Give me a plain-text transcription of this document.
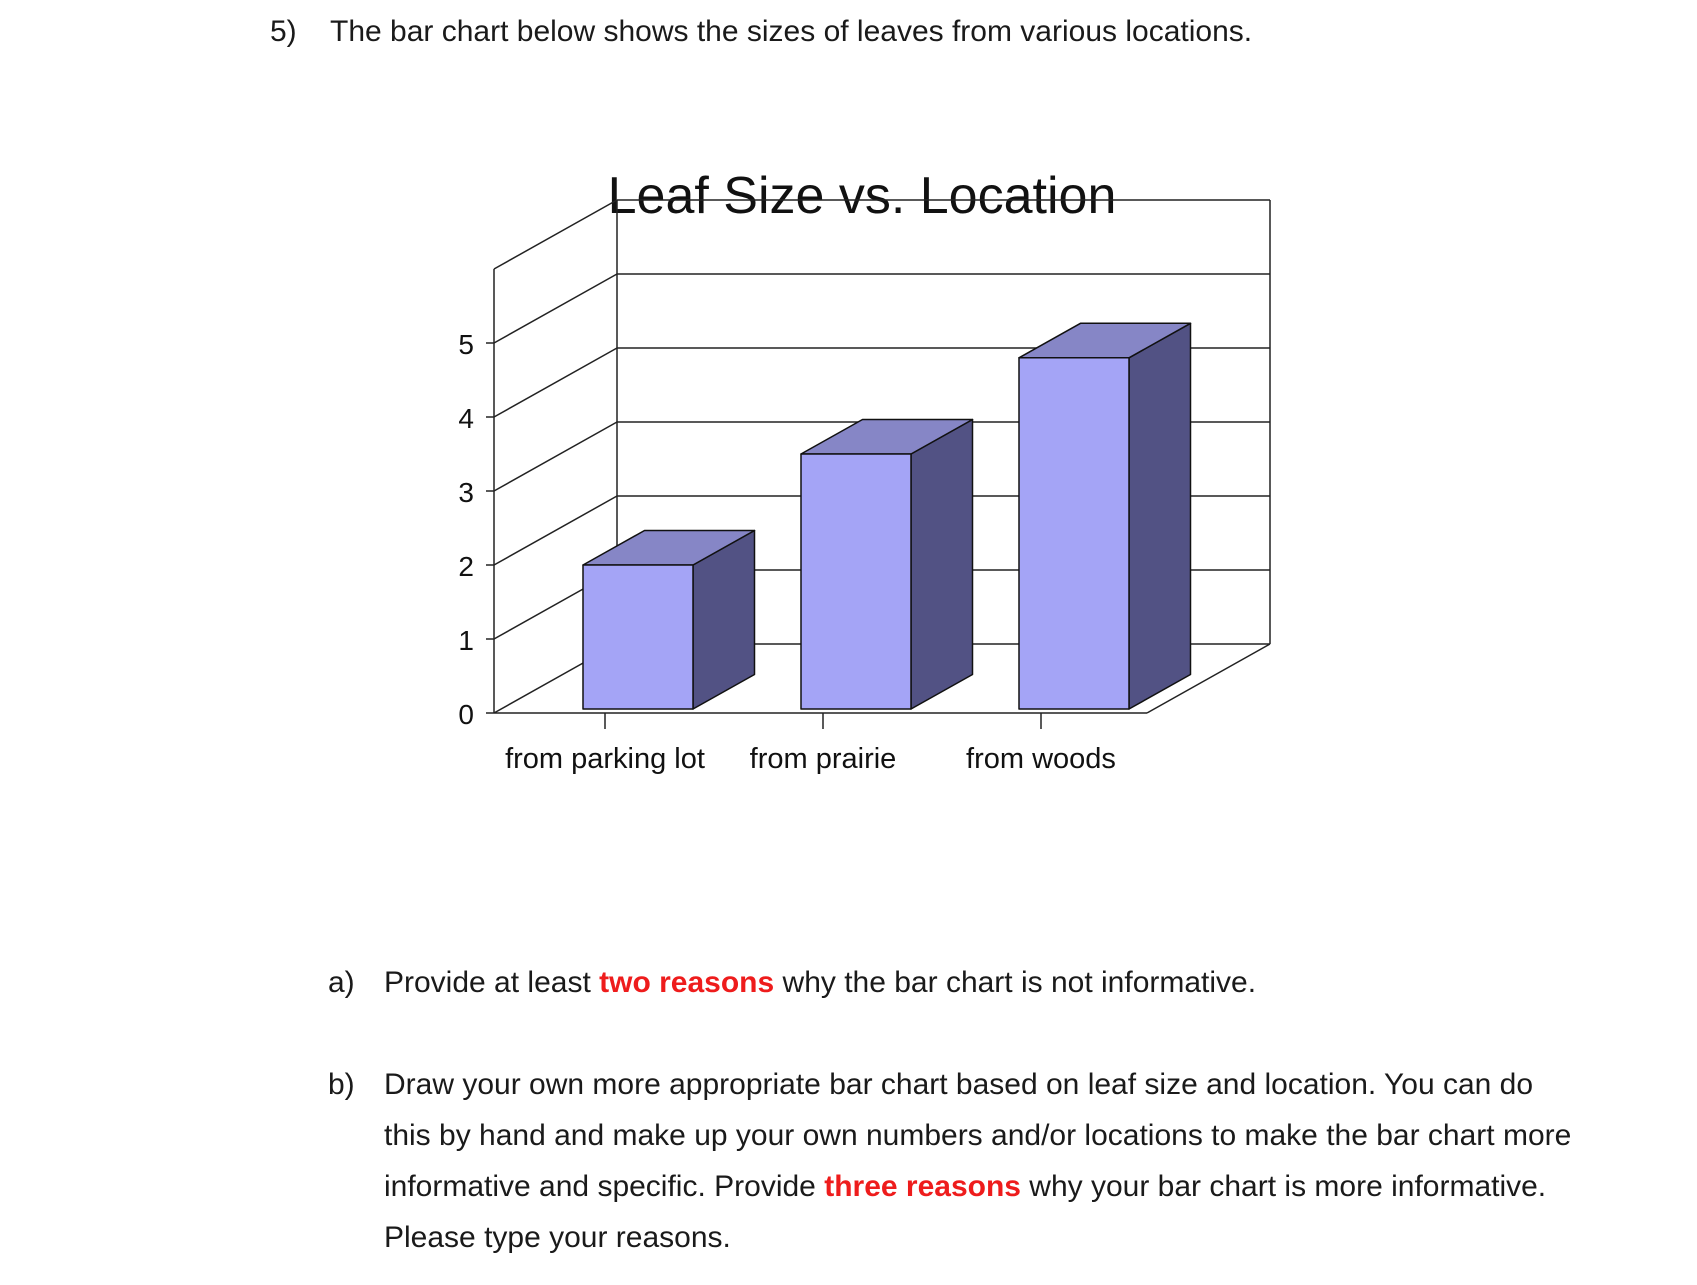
5) The bar chart below shows the sizes of leaves from various locations.
Leaf Size vs. Location
0
1
2
3
4
5
from parking lot from prairie from woods
a) Provide at least two reasons why the bar chart is not informative.
b) Draw your own more appropriate bar chart based on leaf size and location. You can do this by hand and make up your own numbers and/or locations to make the bar chart more informative and specific. Provide three reasons why your bar chart is more informative. Please type your reasons.
